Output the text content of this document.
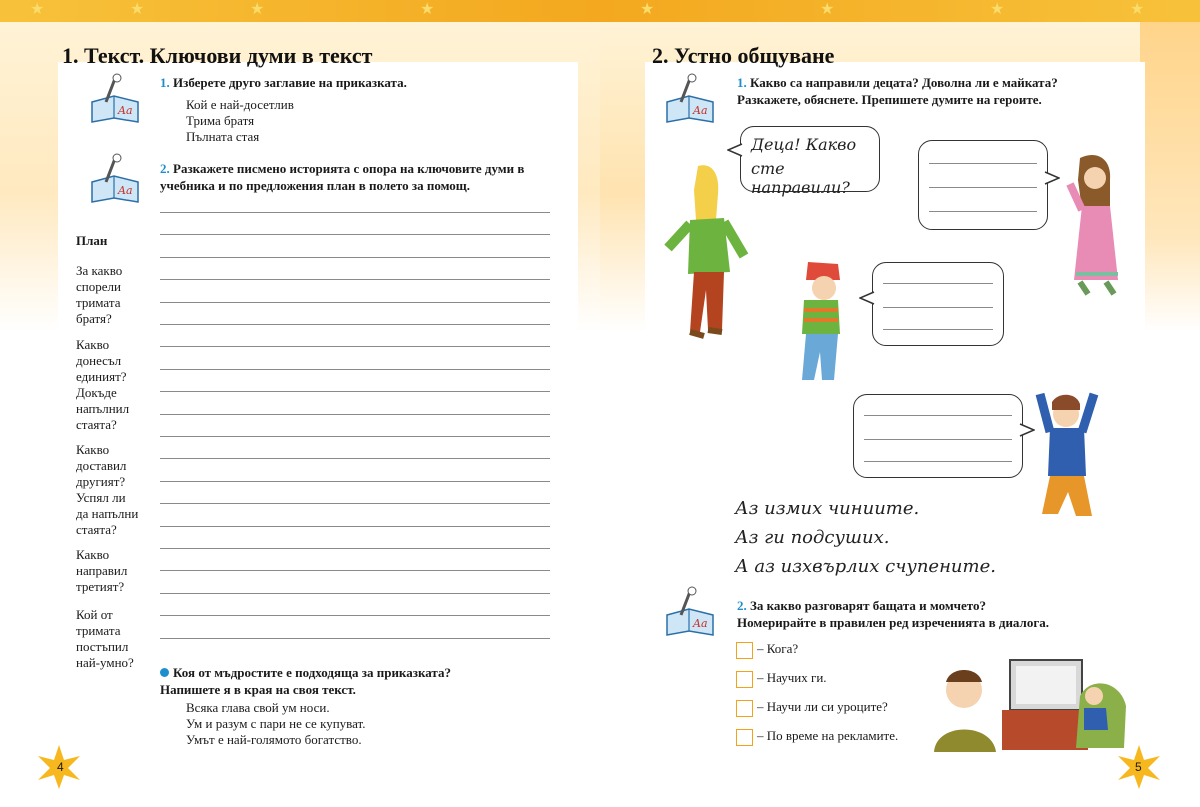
★	★	★	★	★	★	★	★
1. Текст. Ключови думи в текст
Aa
1. Изберете друго заглавие на приказката.
Кой е най-досетлив
Трима братя
Пълната стая
Aa
2. Разкажете писмено историята с опора на ключовите думи в
учебника и по предложения план в полето за помощ.
План
За какво
спорели
тримата
братя?
Какво
донесъл
единият?
Докъде
напълнил
стаята?
Какво
доставил
другият?
Успял ли
да напълни
стаята?
Какво
направил
третият?
Кой от
тримата
постъпил
най-умно?
Коя от мъдростите е подходяща за приказката?
Напишете я в края на своя текст.
Всяка глава свой ум носи.
Ум и разум с пари не се купуват.
Умът е най-голямото богатство.
4
2. Устно общуване
Aa
1. Какво са направили децата? Доволна ли е майката?
Разкажете, обяснете. Препишете думите на героите.
Деца! Какво
сте направили?
Аз измих чиниите.
Аз ги подсуших.
А аз изхвърлих счупените.
Aa
2. За какво разговарят бащата и момчето?
Номерирайте в правилен ред изреченията в диалога.
– Кога?
– Научих ги.
– Научи ли си уроците?
– По време на рекламите.
5
